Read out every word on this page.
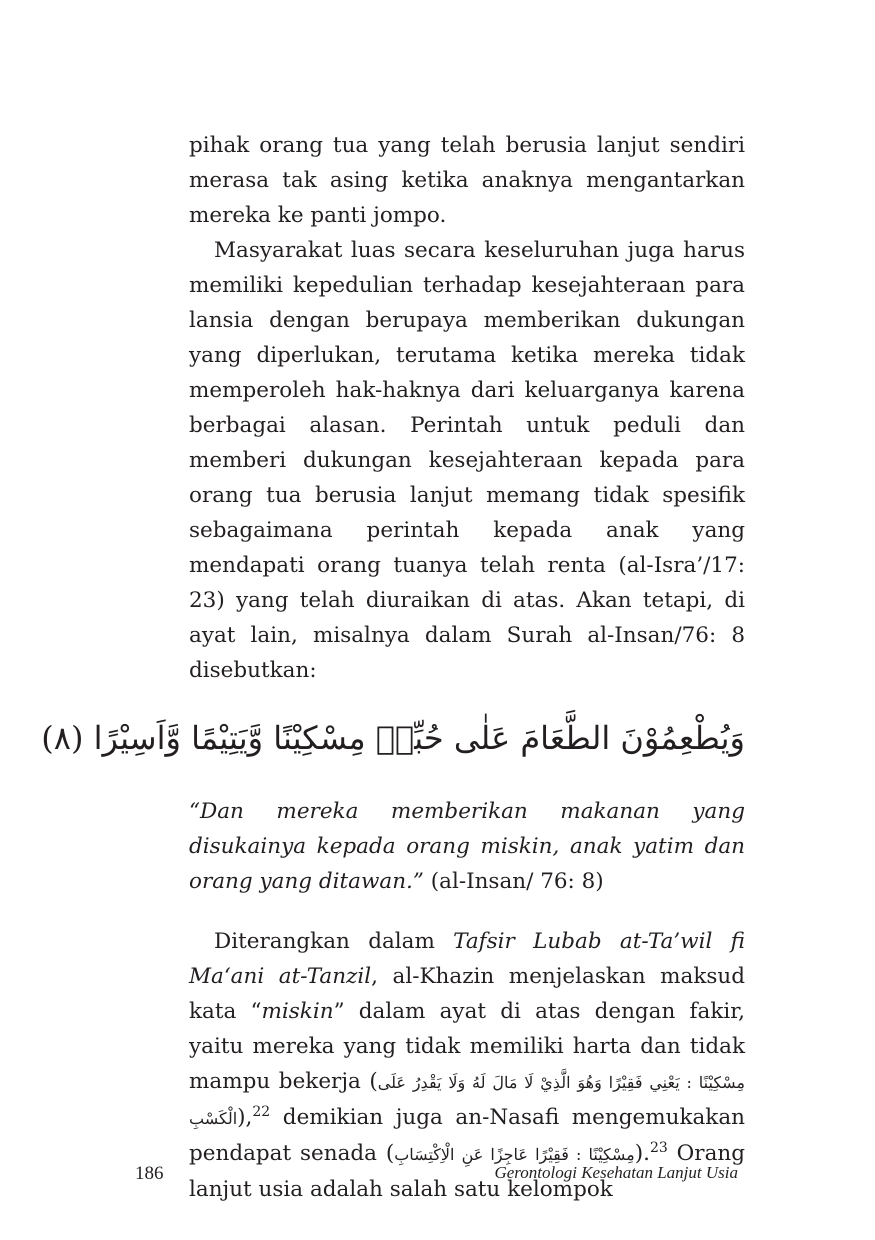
pihak orang tua yang telah berusia lanjut sendiri merasa tak asing ketika anaknya mengantarkan mereka ke panti jompo.

Masyarakat luas secara keseluruhan juga harus memiliki kepedulian terhadap kesejahteraan para lansia dengan berupaya memberikan dukungan yang diperlukan, terutama ketika mereka tidak memperoleh hak-haknya dari keluarganya karena berbagai alasan. Perintah untuk peduli dan memberi dukungan kesejahteraan kepada para orang tua berusia lanjut memang tidak spesifik sebagaimana perintah kepada anak yang mendapati orang tuanya telah renta (al-Isra’/17: 23) yang telah diuraikan di atas. Akan tetapi, di ayat lain, misalnya dalam Surah al-Insan/76: 8 disebutkan:

وَيُطْعِمُوْنَ الطَّعَامَ عَلٰى حُبِّهٖ مِسْكِيْنًا وَّيَتِيْمًا وَّاَسِيْرًا (٨)

“Dan mereka memberikan makanan yang disukainya kepada orang miskin, anak yatim dan orang yang ditawan.” (al-Insan/ 76: 8)

Diterangkan dalam Tafsir Lubab at-Ta’wil fi Ma‘ani at-Tanzil, al-Khazin menjelaskan maksud kata “miskin” dalam ayat di atas dengan fakir, yaitu mereka yang tidak memiliki harta dan tidak mampu bekerja (مِسْكِيْنًا : يَعْنِي فَقِيْرًا وَهُوَ الَّذِيْ لَا مَالَ لَهُ وَلَا يَقْدِرُ عَلَى الْكَسْبِ),$^{22}$ demikian juga an-Nasafi mengemukakan pendapat senada (مِسْكِيْنًا : فَقِيْرًا عَاجِزًا عَنِ الْاِكْتِسَابِ).$^{23}$ Orang lanjut usia adalah salah satu kelompok

186	Gerontologi Kesehatan Lanjut Usia
